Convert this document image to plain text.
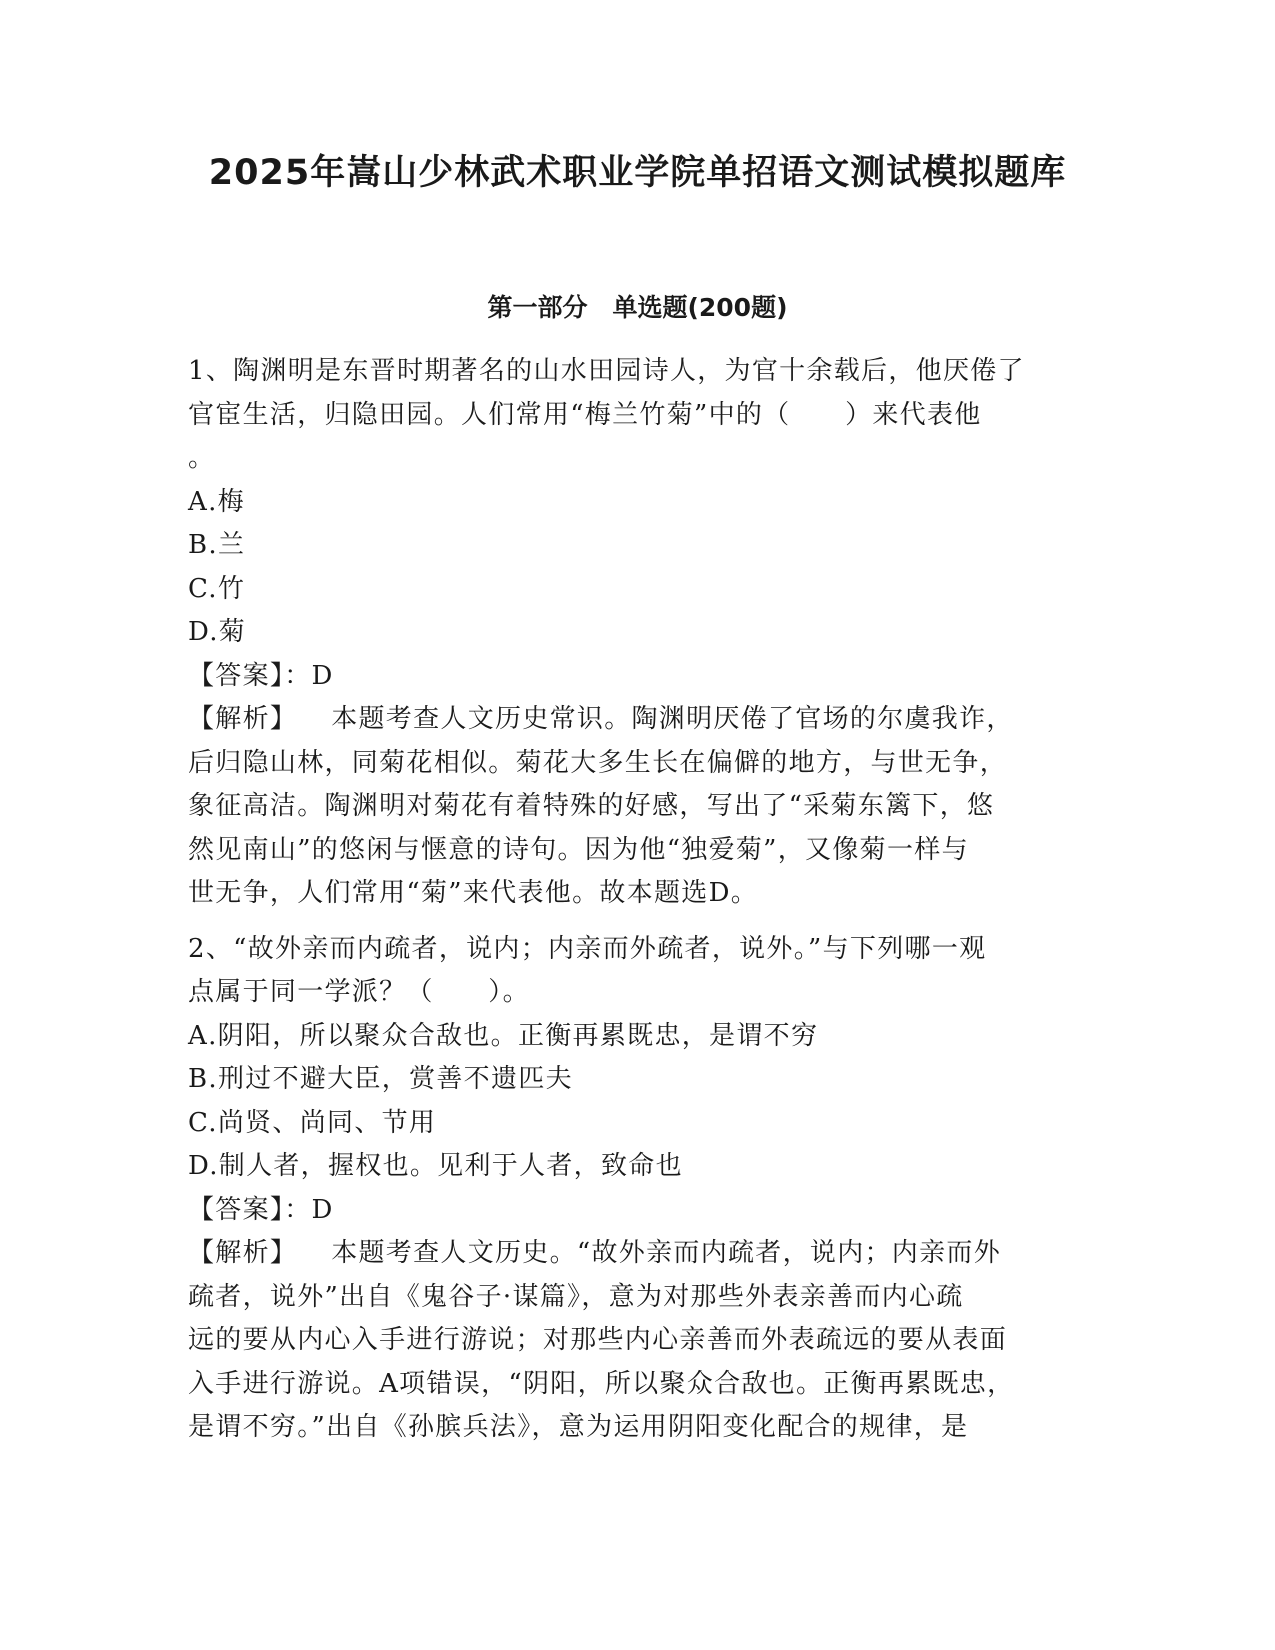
2025年嵩山少林武术职业学院单招语文测试模拟题库
第一部分　单选题(200题)
1、陶渊明是东晋时期著名的山水田园诗人，为官十余载后，他厌倦了
官宦生活，归隐田园。人们常用“梅兰竹菊”中的（　　）来代表他
。
A.梅
B.兰
C.竹
D.菊
【答案】：D
【解析】 本题考查人文历史常识。陶渊明厌倦了官场的尔虞我诈，
后归隐山林，同菊花相似。菊花大多生长在偏僻的地方，与世无争，
象征高洁。陶渊明对菊花有着特殊的好感，写出了“采菊东篱下，悠
然见南山”的悠闲与惬意的诗句。因为他“独爱菊”，又像菊一样与
世无争，人们常用“菊”来代表他。故本题选D。
2、“故外亲而内疏者，说内；内亲而外疏者，说外。”与下列哪一观
点属于同一学派？（　　）。
A.阴阳，所以聚众合敌也。正衡再累既忠，是谓不穷
B.刑过不避大臣，赏善不遗匹夫
C.尚贤、尚同、节用
D.制人者，握权也。见利于人者，致命也
【答案】：D
【解析】 本题考查人文历史。“故外亲而内疏者，说内；内亲而外
疏者，说外”出自《鬼谷子·谋篇》，意为对那些外表亲善而内心疏
远的要从内心入手进行游说；对那些内心亲善而外表疏远的要从表面
入手进行游说。A项错误，“阴阳，所以聚众合敌也。正衡再累既忠，
是谓不穷。”出自《孙膑兵法》，意为运用阴阳变化配合的规律，是
